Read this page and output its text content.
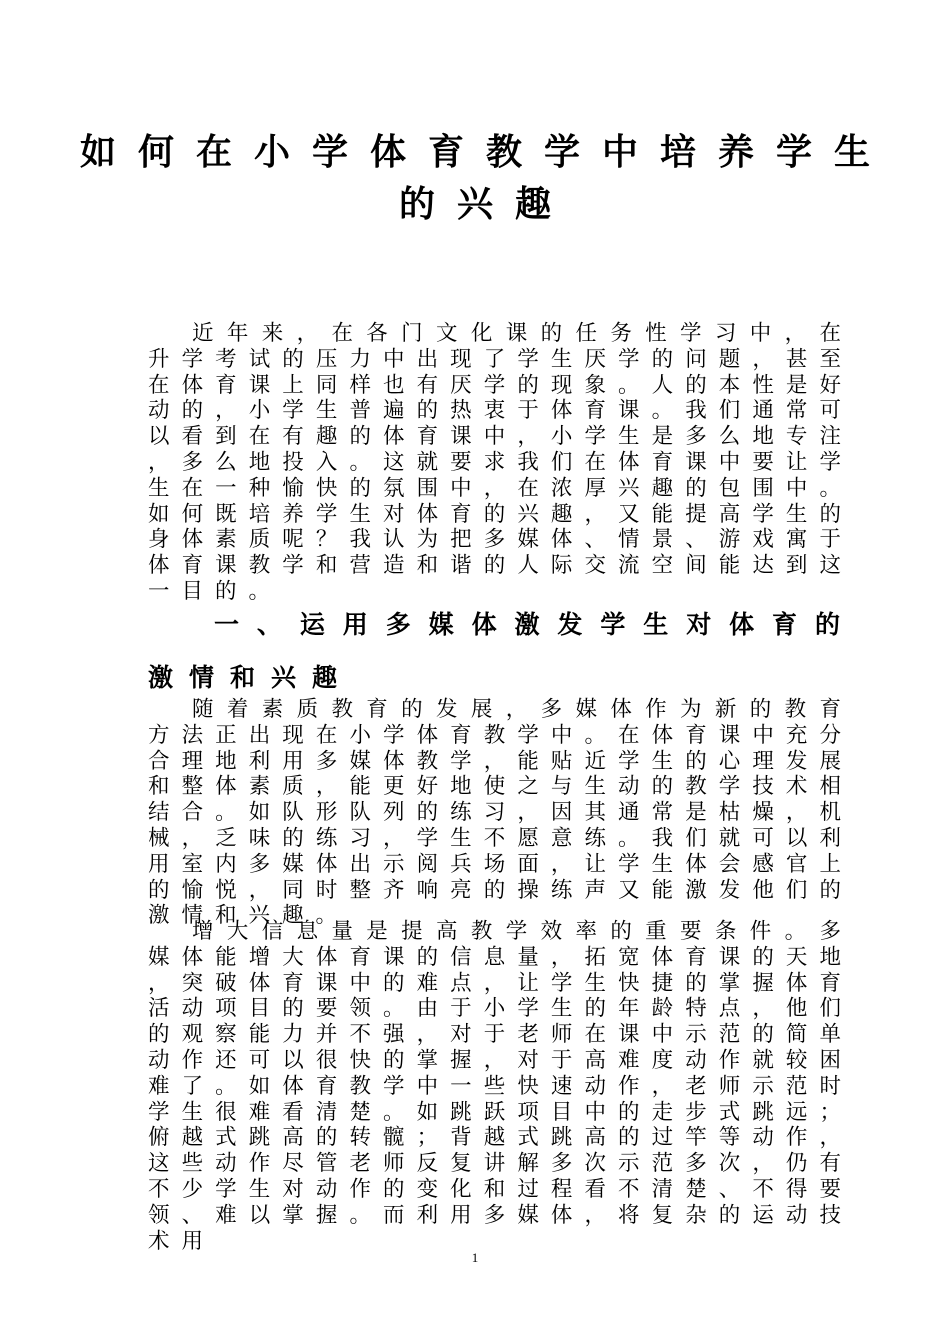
如何在小学体育教学中培养学生
的兴趣
近年来，在各门文化课的任务性学习中，在升学考试的压力中出现了学生厌学的问题，甚至在体育课上同样也有厌学的现象。人的本性是好动的，小学生普遍的热衷于体育课。我们通常可以看到在有趣的体育课中，小学生是多么地专注，多么地投入。这就要求我们在体育课中要让学生在一种愉快的氛围中，在浓厚兴趣的包围中。如何既培养学生对体育的兴趣，又能提高学生的身体素质呢？我认为把多媒体、情景、游戏寓于体育课教学和营造和谐的人际交流空间能达到这一目的。
一、运用多媒体激发学生对体育的激情和兴趣
随着素质教育的发展，多媒体作为新的教育方法正出现在小学体育教学中。在体育课中充分合理地利用多媒体教学，能贴近学生的心理发展和整体素质，能更好地使之与生动的教学技术相结合。如队形队列的练习，因其通常是枯燥，机械，乏味的练习，学生不愿意练。我们就可以利用室内多媒体出示阅兵场面，让学生体会感官上的愉悦，同时整齐响亮的操练声又能激发他们的激情和兴趣。
增大信息量是提高教学效率的重要条件。多媒体能增大体育课的信息量，拓宽体育课的天地，突破体育课中的难点，让学生快捷的掌握体育活动项目的要领。由于小学生的年龄特点，他们的观察能力并不强，对于老师在课中示范的简单动作还可以很快的掌握，对于高难度动作就较困难了。如体育教学中一些快速动作，老师示范时学生很难看清楚。如跳跃项目中的走步式跳远；俯越式跳高的转髋；背越式跳高的过竿等动作，这些动作尽管老师反复讲解多次示范多次，仍有不少学生对动作的变化和过程看不清楚、不得要领、难以掌握。而利用多媒体，将复杂的运动技术用
1
